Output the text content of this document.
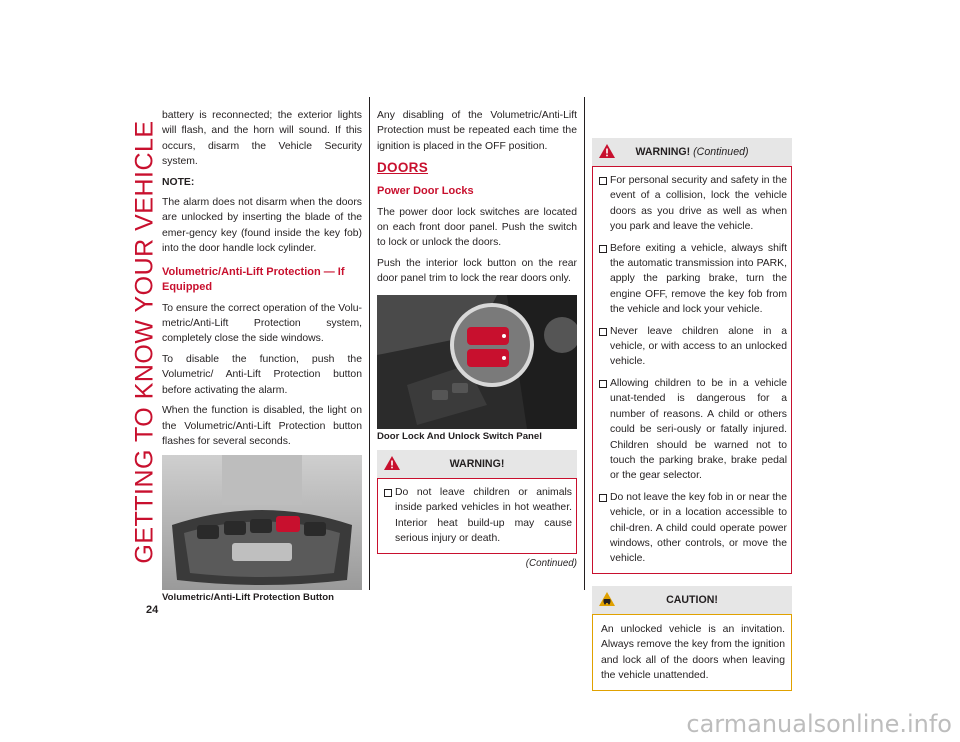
GETTING TO KNOW YOUR VEHICLE
24

battery is reconnected; the exterior lights will flash, and the horn will sound. If this occurs, disarm the Vehicle Security system.

NOTE:

The alarm does not disarm when the doors are unlocked by inserting the blade of the emer-gency key (found inside the key fob) into the door handle lock cylinder.

Volumetric/Anti-Lift Protection — If Equipped

To ensure the correct operation of the Volu-metric/Anti-Lift Protection system, completely close the side windows.

To disable the function, push the Volumetric/ Anti-Lift Protection button before activating the alarm.

When the function is disabled, the light on the Volumetric/Anti-Lift Protection button flashes for several seconds.

Volumetric/Anti-Lift Protection Button

Any disabling of the Volumetric/Anti-Lift Protection must be repeated each time the ignition is placed in the OFF position.

DOORS
Power Door Locks

The power door lock switches are located on each front door panel. Push the switch to lock or unlock the doors.

Push the interior lock button on the rear door panel trim to lock the rear doors only.

Door Lock And Unlock Switch Panel

WARNING!
Do not leave children or animals inside parked vehicles in hot weather. Interior heat build-up may cause serious injury or death.
(Continued)
WARNING! (Continued)
For personal security and safety in the event of a collision, lock the vehicle doors as you drive as well as when you park and leave the vehicle.
Before exiting a vehicle, always shift the automatic transmission into PARK, apply the parking brake, turn the engine OFF, remove the key fob from the vehicle and lock your vehicle.
Never leave children alone in a vehicle, or with access to an unlocked vehicle.
Allowing children to be in a vehicle unat-tended is dangerous for a number of reasons. A child or others could be seri-ously or fatally injured. Children should be warned not to touch the parking brake, brake pedal or the gear selector.
Do not leave the key fob in or near the vehicle, or in a location accessible to chil-dren. A child could operate power windows, other controls, or move the vehicle.
CAUTION!
An unlocked vehicle is an invitation. Always remove the key from the ignition and lock all of the doors when leaving the vehicle unattended.
carmanualsonline.info
